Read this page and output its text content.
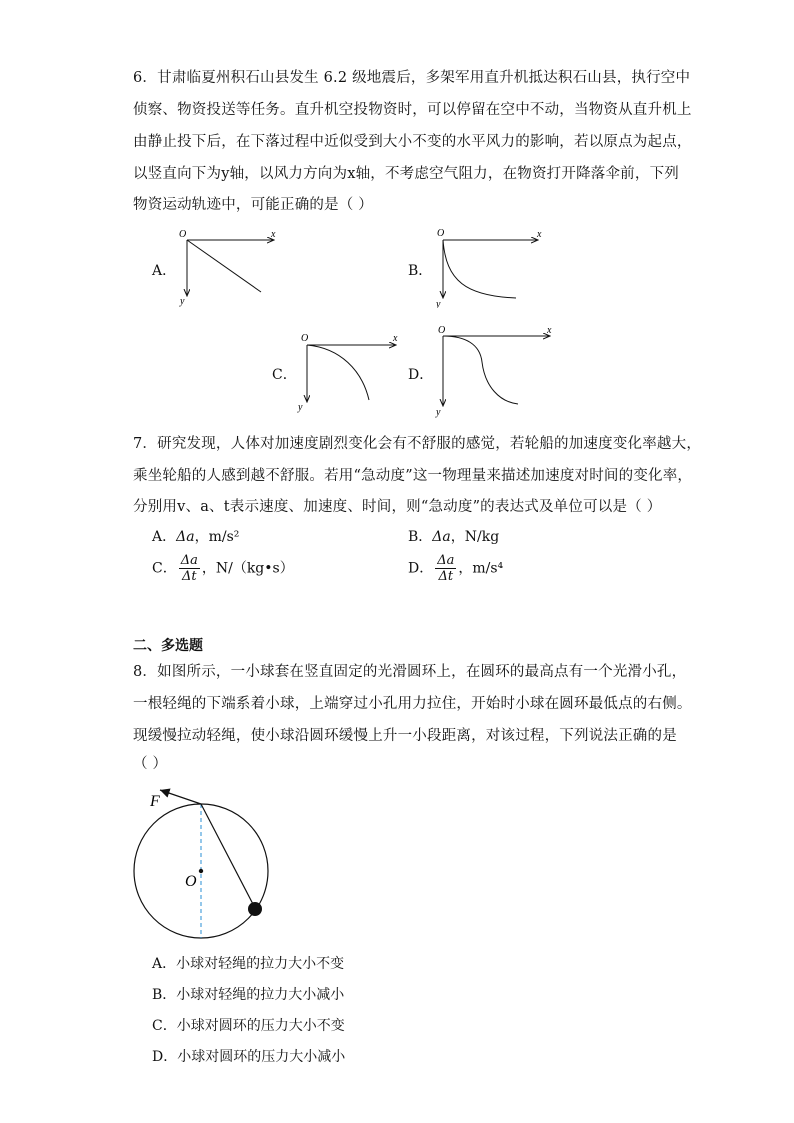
6．甘肃临夏州积石山县发生 6.2 级地震后，多架军用直升机抵达积石山县，执行空中
侦察、物资投送等任务。直升机空投物资时，可以停留在空中不动，当物资从直升机上
由静止投下后，在下落过程中近似受到大小不变的水平风力的影响，若以原点为起点，
以竖直向下为y轴，以风力方向为x轴，不考虑空气阻力，在物资打开降落伞前，下列
物资运动轨迹中，可能正确的是（ ）
A．	B．
C．	D．
O	x
y
O	x
y
O	x
y
O	x
y
7．研究发现，人体对加速度剧烈变化会有不舒服的感觉，若轮船的加速度变化率越大，
乘坐轮船的人感到越不舒服。若用“急动度”这一物理量来描述加速度对时间的变化率，
分别用v、a、t表示速度、加速度、时间，则“急动度”的表达式及单位可以是（ ）
A．Δa，m/s²	B．Δa，N/kg
C． $\frac{\Delta a}{\Delta t}$ ，N/（kg•s）	D． $\frac{\Delta a}{\Delta t}$ ，m/s⁴
二、多选题
8．如图所示，一小球套在竖直固定的光滑圆环上，在圆环的最高点有一个光滑小孔，
一根轻绳的下端系着小球，上端穿过小孔用力拉住，开始时小球在圆环最低点的右侧。
现缓慢拉动轻绳，使小球沿圆环缓慢上升一小段距离，对该过程，下列说法正确的是
（ ）
F
O
A．小球对轻绳的拉力大小不变
B．小球对轻绳的拉力大小减小
C．小球对圆环的压力大小不变
D．小球对圆环的压力大小减小
